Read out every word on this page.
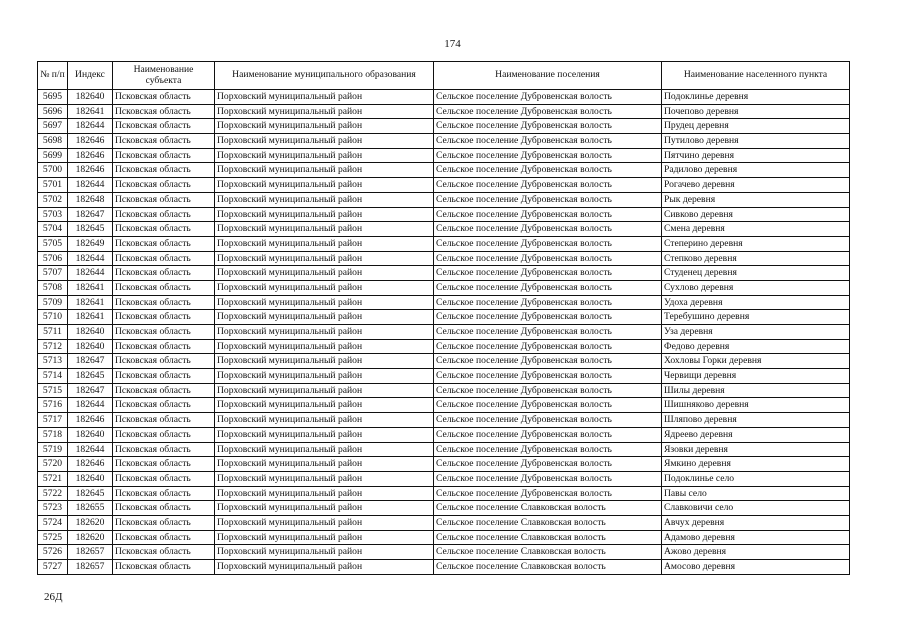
174
№ п/п	Индекс	Наименование субъекта	Наименование муниципального образования	Наименование поселения	Наименование населенного пункта
5695	182640	Псковская область	Порховский муниципальный район	Сельское поселение Дубровенская волость	Подоклинье деревня
5696	182641	Псковская область	Порховский муниципальный район	Сельское поселение Дубровенская волость	Почепово деревня
5697	182644	Псковская область	Порховский муниципальный район	Сельское поселение Дубровенская волость	Прудец деревня
5698	182646	Псковская область	Порховский муниципальный район	Сельское поселение Дубровенская волость	Путилово деревня
5699	182646	Псковская область	Порховский муниципальный район	Сельское поселение Дубровенская волость	Пятчино деревня
5700	182646	Псковская область	Порховский муниципальный район	Сельское поселение Дубровенская волость	Радилово деревня
5701	182644	Псковская область	Порховский муниципальный район	Сельское поселение Дубровенская волость	Рогачево деревня
5702	182648	Псковская область	Порховский муниципальный район	Сельское поселение Дубровенская волость	Рык деревня
5703	182647	Псковская область	Порховский муниципальный район	Сельское поселение Дубровенская волость	Сивково деревня
5704	182645	Псковская область	Порховский муниципальный район	Сельское поселение Дубровенская волость	Смена деревня
5705	182649	Псковская область	Порховский муниципальный район	Сельское поселение Дубровенская волость	Степерино деревня
5706	182644	Псковская область	Порховский муниципальный район	Сельское поселение Дубровенская волость	Степково деревня
5707	182644	Псковская область	Порховский муниципальный район	Сельское поселение Дубровенская волость	Студенец деревня
5708	182641	Псковская область	Порховский муниципальный район	Сельское поселение Дубровенская волость	Сухлово деревня
5709	182641	Псковская область	Порховский муниципальный район	Сельское поселение Дубровенская волость	Удоха деревня
5710	182641	Псковская область	Порховский муниципальный район	Сельское поселение Дубровенская волость	Теребушино деревня
5711	182640	Псковская область	Порховский муниципальный район	Сельское поселение Дубровенская волость	Уза деревня
5712	182640	Псковская область	Порховский муниципальный район	Сельское поселение Дубровенская волость	Федово деревня
5713	182647	Псковская область	Порховский муниципальный район	Сельское поселение Дубровенская волость	Хохловы Горки деревня
5714	182645	Псковская область	Порховский муниципальный район	Сельское поселение Дубровенская волость	Червищи деревня
5715	182647	Псковская область	Порховский муниципальный район	Сельское поселение Дубровенская волость	Шилы деревня
5716	182644	Псковская область	Порховский муниципальный район	Сельское поселение Дубровенская волость	Шишняково деревня
5717	182646	Псковская область	Порховский муниципальный район	Сельское поселение Дубровенская волость	Шляпово деревня
5718	182640	Псковская область	Порховский муниципальный район	Сельское поселение Дубровенская волость	Ядреево деревня
5719	182644	Псковская область	Порховский муниципальный район	Сельское поселение Дубровенская волость	Язовки деревня
5720	182646	Псковская область	Порховский муниципальный район	Сельское поселение Дубровенская волость	Ямкино деревня
5721	182640	Псковская область	Порховский муниципальный район	Сельское поселение Дубровенская волость	Подоклинье село
5722	182645	Псковская область	Порховский муниципальный район	Сельское поселение Дубровенская волость	Павы село
5723	182655	Псковская область	Порховский муниципальный район	Сельское поселение Славковская волость	Славковичи село
5724	182620	Псковская область	Порховский муниципальный район	Сельское поселение Славковская волость	Авчух деревня
5725	182620	Псковская область	Порховский муниципальный район	Сельское поселение Славковская волость	Адамово деревня
5726	182657	Псковская область	Порховский муниципальный район	Сельское поселение Славковская волость	Ажово деревня
5727	182657	Псковская область	Порховский муниципальный район	Сельское поселение Славковская волость	Амосово деревня
26Д
